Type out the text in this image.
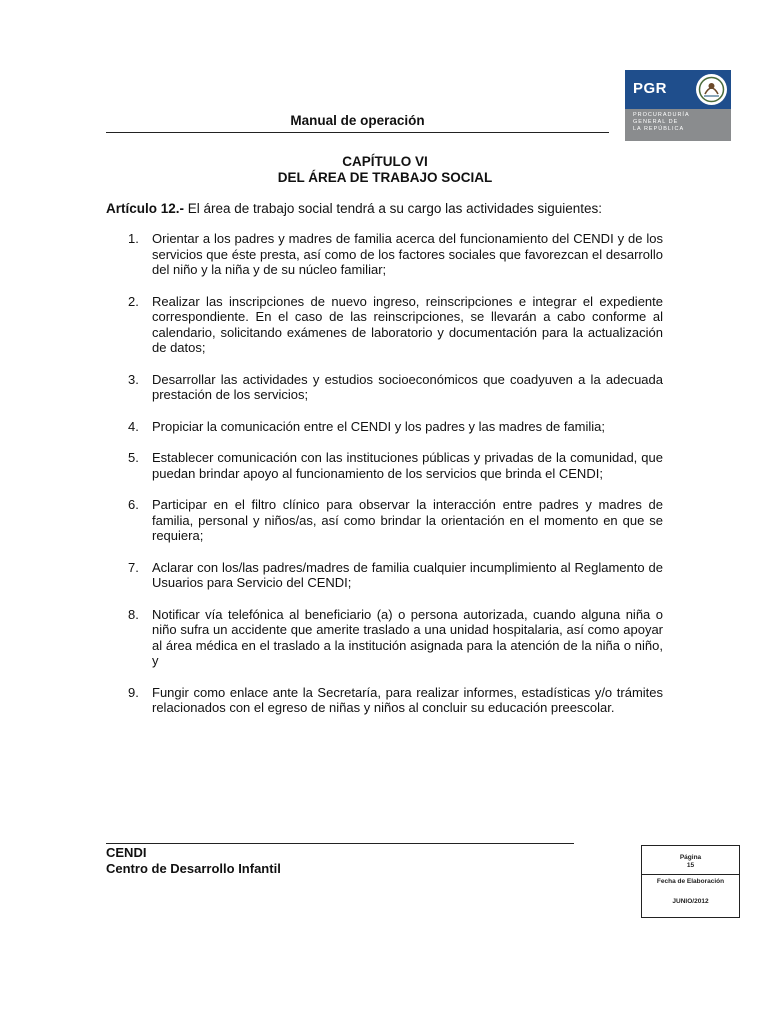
Manual de operación
PGR
PROCURADURÍA
GENERAL DE
LA REPÚBLICA
CAPÍTULO VI
DEL ÁREA DE TRABAJO SOCIAL
Artículo 12.- El área de trabajo social tendrá a su cargo las actividades siguientes:
1. Orientar a los padres y madres de familia acerca del funcionamiento del CENDI y de los servicios que éste presta, así como de los factores sociales que favorezcan el desarrollo del niño y la niña y de su núcleo familiar;
2. Realizar las inscripciones de nuevo ingreso, reinscripciones e integrar el expediente correspondiente. En el caso de las reinscripciones, se llevarán a cabo conforme al calendario, solicitando exámenes de laboratorio y documentación para la actualización de datos;
3. Desarrollar las actividades y estudios socioeconómicos que coadyuven a la adecuada prestación de los servicios;
4. Propiciar la comunicación entre el CENDI y los padres y las madres de familia;
5. Establecer comunicación con las instituciones públicas y privadas de la comunidad, que puedan brindar apoyo al funcionamiento de los servicios que brinda el CENDI;
6. Participar en el filtro clínico para observar la interacción entre padres y madres de familia, personal y niños/as, así como brindar la orientación en el momento en que se requiera;
7. Aclarar con los/las padres/madres de familia cualquier incumplimiento al Reglamento de Usuarios para Servicio del CENDI;
8. Notificar vía telefónica al beneficiario (a) o persona autorizada, cuando alguna niña o niño sufra un accidente que amerite traslado a una unidad hospitalaria, así como apoyar al área médica en el traslado a la institución asignada para la atención de la niña o niño, y
9. Fungir como enlace ante la Secretaría, para realizar informes, estadísticas y/o trámites relacionados con el egreso de niñas y niños al concluir su educación preescolar.
CENDI
Centro de Desarrollo Infantil
Página
15
Fecha de Elaboración
JUNIO/2012
